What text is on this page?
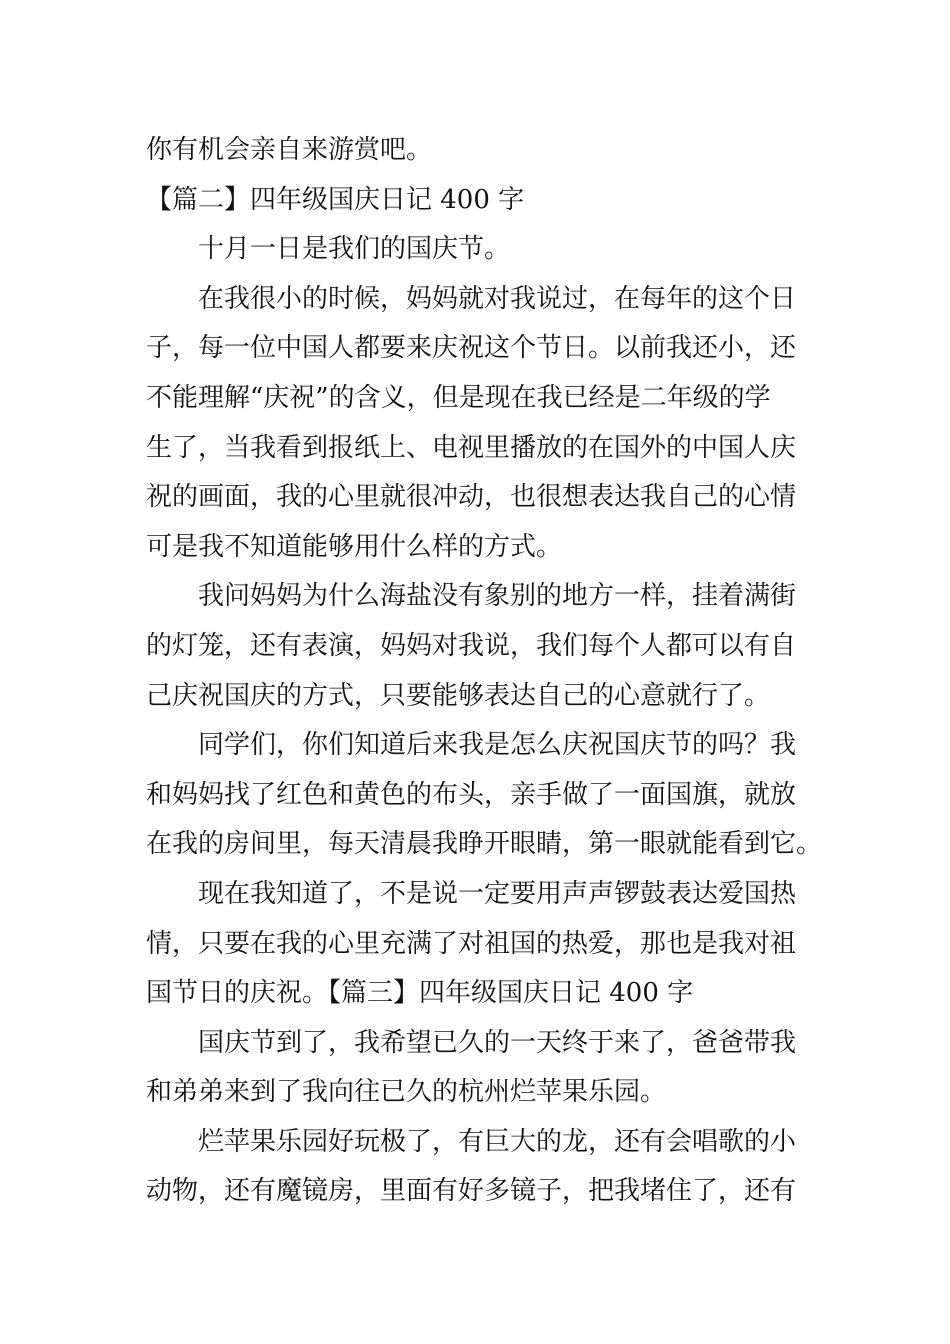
你有机会亲自来游赏吧。
【篇二】四年级国庆日记 400 字
十月一日是我们的国庆节。
在我很小的时候，妈妈就对我说过，在每年的这个日
子，每一位中国人都要来庆祝这个节日。以前我还小，还
不能理解“庆祝”的含义，但是现在我已经是二年级的学
生了，当我看到报纸上、电视里播放的在国外的中国人庆
祝的画面，我的心里就很冲动，也很想表达我自己的心情
可是我不知道能够用什么样的方式。
我问妈妈为什么海盐没有象别的地方一样，挂着满街
的灯笼，还有表演，妈妈对我说，我们每个人都可以有自
己庆祝国庆的方式，只要能够表达自己的心意就行了。
同学们，你们知道后来我是怎么庆祝国庆节的吗？我
和妈妈找了红色和黄色的布头，亲手做了一面国旗，就放
在我的房间里，每天清晨我睁开眼睛，第一眼就能看到它。
现在我知道了，不是说一定要用声声锣鼓表达爱国热
情，只要在我的心里充满了对祖国的热爱，那也是我对祖
国节日的庆祝。【篇三】四年级国庆日记 400 字
国庆节到了，我希望已久的一天终于来了，爸爸带我
和弟弟来到了我向往已久的杭州烂苹果乐园。
烂苹果乐园好玩极了，有巨大的龙，还有会唱歌的小
动物，还有魔镜房，里面有好多镜子，把我堵住了，还有
